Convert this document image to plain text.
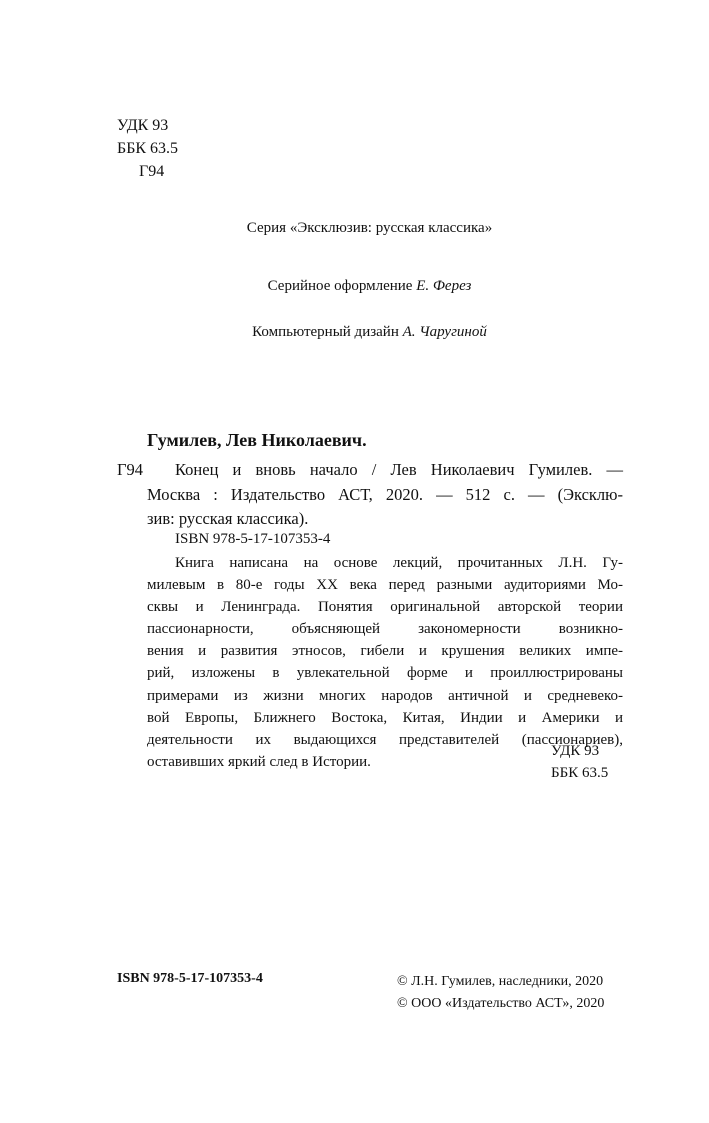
УДК 93
ББК 63.5
Г94
Серия «Эксклюзив: русская классика»
Серийное оформление Е. Ферез
Компьютерный дизайн А. Чаругиной
Гумилев, Лев Николаевич.
Г94	Конец и вновь начало / Лев Николаевич Гумилев. —
Москва : Издательство АСТ, 2020. — 512 с. — (Эксклю-
зив: русская классика).
ISBN 978-5-17-107353-4
Книга написана на основе лекций, прочитанных Л.Н. Гу-
милевым в 80-е годы XX века перед разными аудиториями Мо-
сквы и Ленинграда. Понятия оригинальной авторской теории
пассионарности, объясняющей закономерности возникно-
вения и развития этносов, гибели и крушения великих импе-
рий, изложены в увлекательной форме и проиллюстрированы
примерами из жизни многих народов античной и средневеко-
вой Европы, Ближнего Востока, Китая, Индии и Америки и
деятельности их выдающихся представителей (пассионариев),
оставивших яркий след в Истории.
УДК 93
ББК 63.5
ISBN 978-5-17-107353-4	© Л.Н. Гумилев, наследники, 2020
© ООО «Издательство АСТ», 2020
